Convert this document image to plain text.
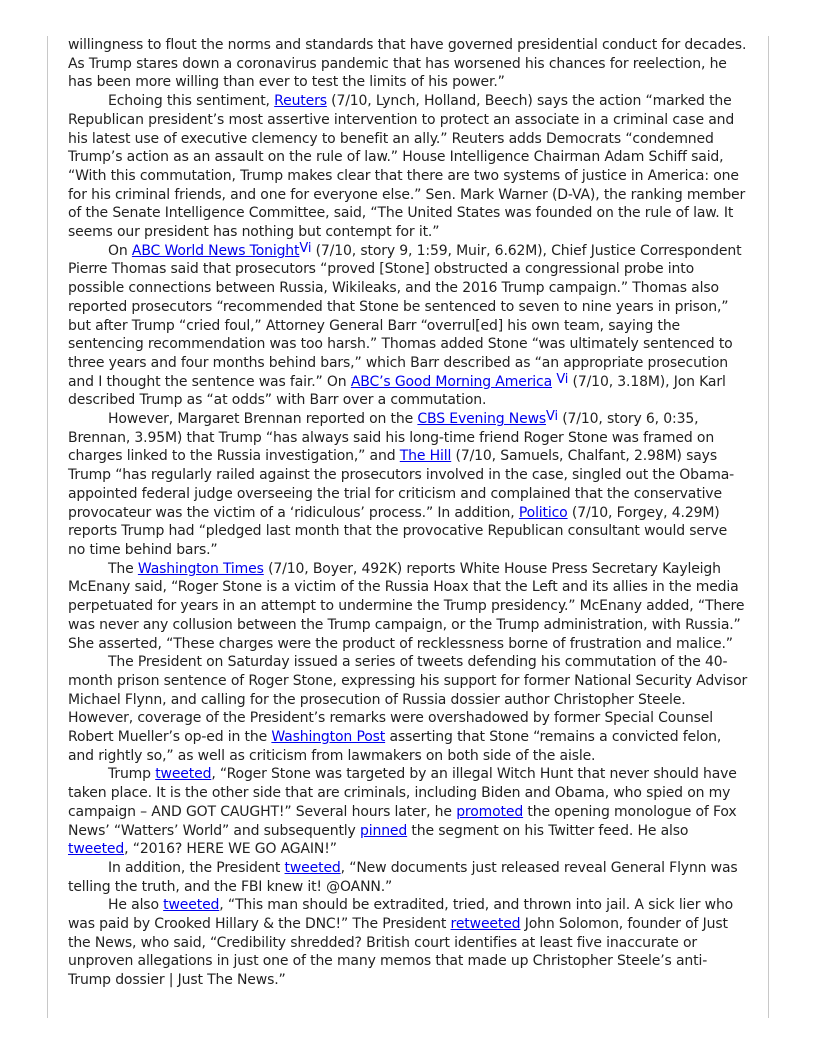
willingness to flout the norms and standards that have governed presidential conduct for decades. As Trump stares down a coronavirus pandemic that has worsened his chances for reelection, he has been more willing than ever to test the limits of his power.”

Echoing this sentiment, Reuters (7/10, Lynch, Holland, Beech) says the action “marked the Republican president’s most assertive intervention to protect an associate in a criminal case and his latest use of executive clemency to benefit an ally.” Reuters adds Democrats “condemned Trump’s action as an assault on the rule of law.” House Intelligence Chairman Adam Schiff said, “With this commutation, Trump makes clear that there are two systems of justice in America: one for his criminal friends, and one for everyone else.” Sen. Mark Warner (D-VA), the ranking member of the Senate Intelligence Committee, said, “The United States was founded on the rule of law. It seems our president has nothing but contempt for it.”

On ABC World News Tonight$^{Vi}$ (7/10, story 9, 1:59, Muir, 6.62M), Chief Justice Correspondent Pierre Thomas said that prosecutors “proved [Stone] obstructed a congressional probe into possible connections between Russia, Wikileaks, and the 2016 Trump campaign.” Thomas also reported prosecutors “recommended that Stone be sentenced to seven to nine years in prison,” but after Trump “cried foul,” Attorney General Barr “overrul[ed] his own team, saying the sentencing recommendation was too harsh.” Thomas added Stone “was ultimately sentenced to three years and four months behind bars,” which Barr described as “an appropriate prosecution and I thought the sentence was fair.” On ABC’s Good Morning America $^{Vi}$ (7/10, 3.18M), Jon Karl described Trump as “at odds” with Barr over a commutation.

However, Margaret Brennan reported on the CBS Evening News$^{Vi}$ (7/10, story 6, 0:35, Brennan, 3.95M) that Trump “has always said his long-time friend Roger Stone was framed on charges linked to the Russia investigation,” and The Hill (7/10, Samuels, Chalfant, 2.98M) says Trump “has regularly railed against the prosecutors involved in the case, singled out the Obama-appointed federal judge overseeing the trial for criticism and complained that the conservative provocateur was the victim of a ‘ridiculous’ process.” In addition, Politico (7/10, Forgey, 4.29M) reports Trump had “pledged last month that the provocative Republican consultant would serve no time behind bars.”

The Washington Times (7/10, Boyer, 492K) reports White House Press Secretary Kayleigh McEnany said, “Roger Stone is a victim of the Russia Hoax that the Left and its allies in the media perpetuated for years in an attempt to undermine the Trump presidency.” McEnany added, “There was never any collusion between the Trump campaign, or the Trump administration, with Russia.” She asserted, “These charges were the product of recklessness borne of frustration and malice.”

The President on Saturday issued a series of tweets defending his commutation of the 40-month prison sentence of Roger Stone, expressing his support for former National Security Advisor Michael Flynn, and calling for the prosecution of Russia dossier author Christopher Steele. However, coverage of the President’s remarks were overshadowed by former Special Counsel Robert Mueller’s op-ed in the Washington Post asserting that Stone “remains a convicted felon, and rightly so,” as well as criticism from lawmakers on both side of the aisle.

Trump tweeted, “Roger Stone was targeted by an illegal Witch Hunt that never should have taken place. It is the other side that are criminals, including Biden and Obama, who spied on my campaign – AND GOT CAUGHT!” Several hours later, he promoted the opening monologue of Fox News’ “Watters’ World” and subsequently pinned the segment on his Twitter feed. He also tweeted, “2016? HERE WE GO AGAIN!”

In addition, the President tweeted, “New documents just released reveal General Flynn was telling the truth, and the FBI knew it! @OANN.”

He also tweeted, “This man should be extradited, tried, and thrown into jail. A sick lier who was paid by Crooked Hillary & the DNC!” The President retweeted John Solomon, founder of Just the News, who said, “Credibility shredded? British court identifies at least five inaccurate or unproven allegations in just one of the many memos that made up Christopher Steele’s anti-Trump dossier | Just The News.”
